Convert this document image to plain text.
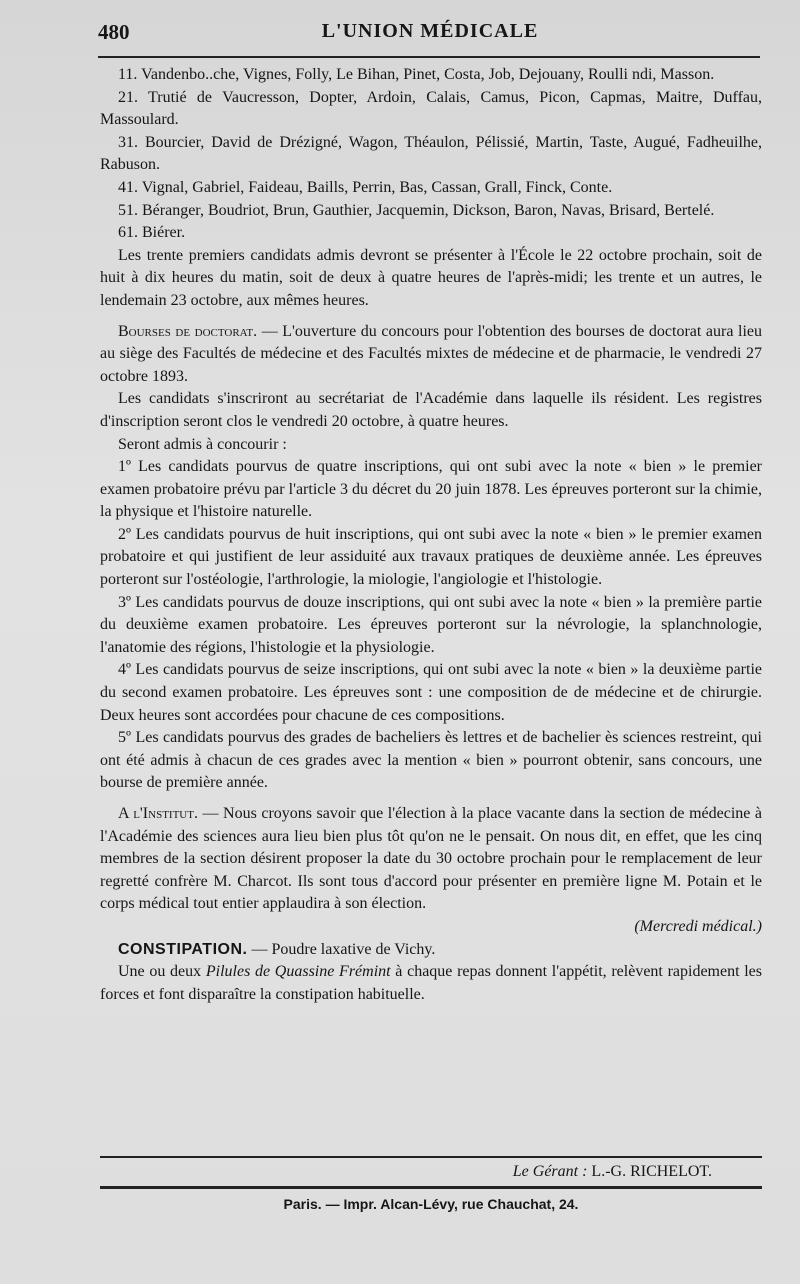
480	L'UNION MÉDICALE

11. Vandenbo..che, Vignes, Folly, Le Bihan, Pinet, Costa, Job, Dejouany, Roulli ndi, Masson.

21. Trutié de Vaucresson, Dopter, Ardoin, Calais, Camus, Picon, Capmas, Maitre, Duffau, Massoulard.

31. Bourcier, David de Drézigné, Wagon, Théaulon, Pélissié, Martin, Taste, Augué, Fadheuilhe, Rabuson.

41. Vignal, Gabriel, Faideau, Baills, Perrin, Bas, Cassan, Grall, Finck, Conte.

51. Béranger, Boudriot, Brun, Gauthier, Jacquemin, Dickson, Baron, Navas, Brisard, Bertelé.

61. Biérer.

Les trente premiers candidats admis devront se présenter à l'École le 22 octobre prochain, soit de huit à dix heures du matin, soit de deux à quatre heures de l'après-midi; les trente et un autres, le lendemain 23 octobre, aux mêmes heures.

Bourses de doctorat. — L'ouverture du concours pour l'obtention des bourses de doctorat aura lieu au siège des Facultés de médecine et des Facultés mixtes de médecine et de pharmacie, le vendredi 27 octobre 1893.

Les candidats s'inscriront au secrétariat de l'Académie dans laquelle ils résident. Les registres d'inscription seront clos le vendredi 20 octobre, à quatre heures.

Seront admis à concourir :

1º Les candidats pourvus de quatre inscriptions, qui ont subi avec la note « bien » le premier examen probatoire prévu par l'article 3 du décret du 20 juin 1878. Les épreuves porteront sur la chimie, la physique et l'histoire naturelle.

2º Les candidats pourvus de huit inscriptions, qui ont subi avec la note « bien » le premier examen probatoire et qui justifient de leur assiduité aux travaux pratiques de deuxième année. Les épreuves porteront sur l'ostéologie, l'arthrologie, la miologie, l'angiologie et l'histologie.

3º Les candidats pourvus de douze inscriptions, qui ont subi avec la note « bien » la première partie du deuxième examen probatoire. Les épreuves porteront sur la névrologie, la splanchnologie, l'anatomie des régions, l'histologie et la physiologie.

4º Les candidats pourvus de seize inscriptions, qui ont subi avec la note « bien » la deuxième partie du second examen probatoire. Les épreuves sont : une composition de de médecine et de chirurgie. Deux heures sont accordées pour chacune de ces compositions.

5º Les candidats pourvus des grades de bacheliers ès lettres et de bachelier ès sciences restreint, qui ont été admis à chacun de ces grades avec la mention « bien » pourront obtenir, sans concours, une bourse de première année.

A l'Institut. — Nous croyons savoir que l'élection à la place vacante dans la section de médecine à l'Académie des sciences aura lieu bien plus tôt qu'on ne le pensait. On nous dit, en effet, que les cinq membres de la section désirent proposer la date du 30 octobre prochain pour le remplacement de leur regretté confrère M. Charcot. Ils sont tous d'accord pour présenter en première ligne M. Potain et le corps médical tout entier applaudira à son élection.

(Mercredi médical.)

CONSTIPATION. — Poudre laxative de Vichy.

Une ou deux Pilules de Quassine Frémint à chaque repas donnent l'appétit, relèvent rapidement les forces et font disparaître la constipation habituelle.

Le Gérant : L.-G. RICHELOT.
Paris. — Impr. Alcan-Lévy, rue Chauchat, 24.
